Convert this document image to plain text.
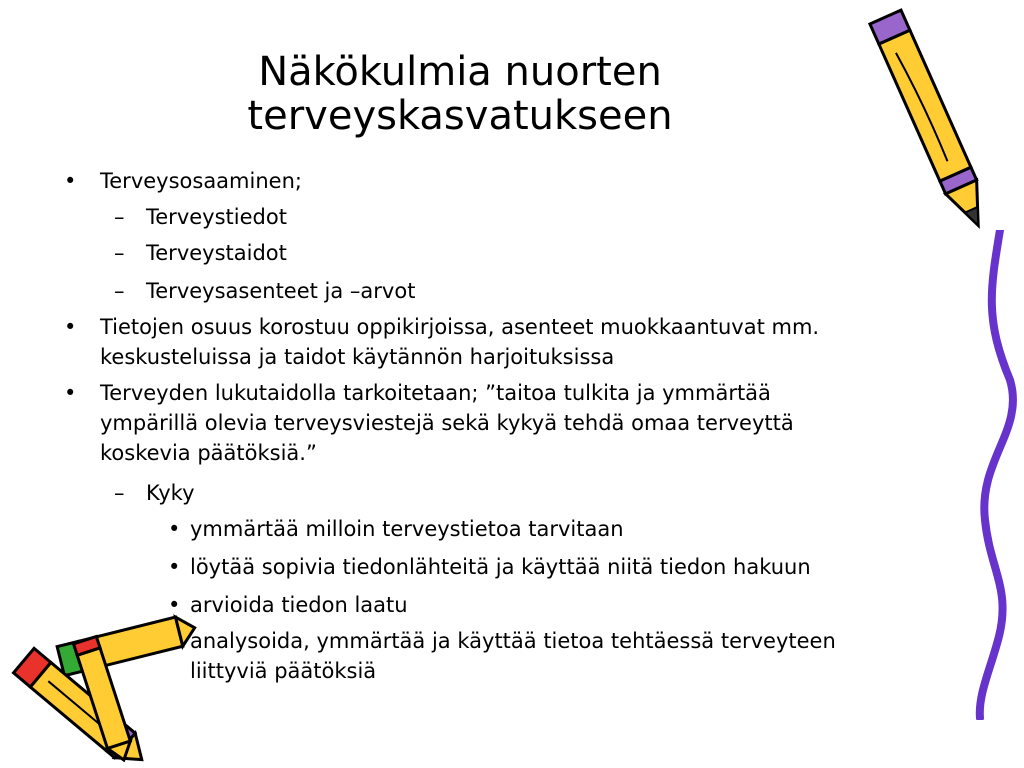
Näkökulmia nuorten
terveyskasvatukseen
• Terveysosaaminen;
– Terveystiedot
– Terveystaidot
– Terveysasenteet ja –arvot
• Tietojen osuus korostuu oppikirjoissa, asenteet muokkaantuvat mm.
keskusteluissa ja taidot käytännön harjoituksissa
• Terveyden lukutaidolla tarkoitetaan; ”taitoa tulkita ja ymmärtää
ympärillä olevia terveysviestejä sekä kykyä tehdä omaa terveyttä
koskevia päätöksiä.”
– Kyky
• ymmärtää milloin terveystietoa tarvitaan
• löytää sopivia tiedonlähteitä ja käyttää niitä tiedon hakuun
• arvioida tiedon laatu
analysoida, ymmärtää ja käyttää tietoa tehtäessä terveyteen
liittyviä päätöksiä
